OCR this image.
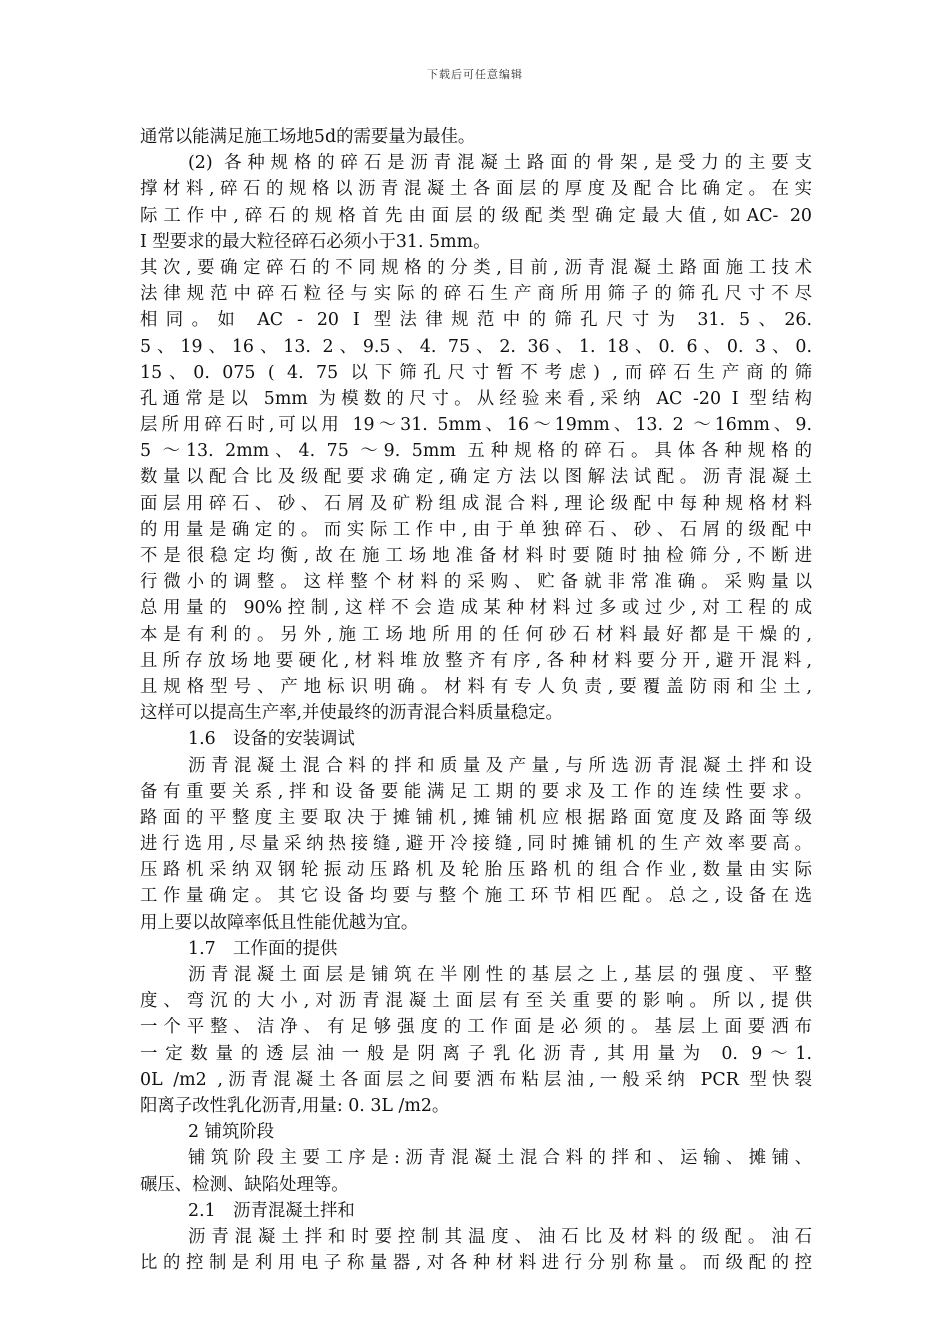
下载后可任意编辑
通常以能满足施工场地5d的需要量为最佳。
(2) 各种规格的碎石是沥青混凝土路面的骨架,是受力的主要支
撑材料,碎石的规格以沥青混凝土各面层的厚度及配合比确定。在实
际工作中,碎石的规格首先由面层的级配类型确定最大值,如AC- 20
I 型要求的最大粒径碎石必须小于31. 5mm。
其次,要确定碎石的不同规格的分类,目前,沥青混凝土路面施工技术
法律规范中碎石粒径与实际的碎石生产商所用筛子的筛孔尺寸不尽
相同。如 AC - 20 I 型法律规范中的筛孔尺寸为 31. 5、26.
5、19、16、13. 2、9.5、4. 75、2. 36、1. 18、0. 6、0. 3、0.
15、0. 075 ( 4. 75 以下筛孔尺寸暂不考虑) ,而碎石生产商的筛
孔通常是以 5mm 为模数的尺寸。从经验来看,采纳 AC -20 I 型结构
层所用碎石时,可以用 19～31. 5mm、16～19mm、13. 2 ～16mm、9.
5 ～13. 2mm、4. 75 ～9. 5mm 五种规格的碎石。具体各种规格的
数量以配合比及级配要求确定,确定方法以图解法试配。沥青混凝土
面层用碎石、砂、石屑及矿粉组成混合料,理论级配中每种规格材料
的用量是确定的。而实际工作中,由于单独碎石、砂、石屑的级配中
不是很稳定均衡,故在施工场地准备材料时要随时抽检筛分,不断进
行微小的调整。这样整个材料的采购、贮备就非常准确。采购量以
总用量的 90%控制,这样不会造成某种材料过多或过少,对工程的成
本是有利的。另外,施工场地所用的任何砂石材料最好都是干燥的,
且所存放场地要硬化,材料堆放整齐有序,各种材料要分开,避开混料,
且规格型号、产地标识明确。材料有专人负责,要覆盖防雨和尘土,
这样可以提高生产率,并使最终的沥青混合料质量稳定。
1.6　设备的安装调试
沥青混凝土混合料的拌和质量及产量,与所选沥青混凝土拌和设
备有重要关系,拌和设备要能满足工期的要求及工作的连续性要求。
路面的平整度主要取决于摊铺机,摊铺机应根据路面宽度及路面等级
进行选用,尽量采纳热接缝,避开冷接缝,同时摊铺机的生产效率要高。
压路机采纳双钢轮振动压路机及轮胎压路机的组合作业,数量由实际
工作量确定。其它设备均要与整个施工环节相匹配。总之,设备在选
用上要以故障率低且性能优越为宜。
1.7　工作面的提供
沥青混凝土面层是铺筑在半刚性的基层之上,基层的强度、平整
度、弯沉的大小,对沥青混凝土面层有至关重要的影响。所以,提供
一个平整、洁净、有足够强度的工作面是必须的。基层上面要洒布
一定数量的透层油一般是阴离子乳化沥青,其用量为 0. 9～1.
0L /m2 ,沥青混凝土各面层之间要洒布粘层油,一般采纳 PCR 型快裂
阳离子改性乳化沥青,用量: 0. 3L /m2。
2 铺筑阶段
铺筑阶段主要工序是:沥青混凝土混合料的拌和、运输、摊铺、
碾压、检测、缺陷处理等。
2.1　沥青混凝土拌和
沥青混凝土拌和时要控制其温度、油石比及材料的级配。油石
比的控制是利用电子称量器,对各种材料进行分别称量。而级配的控
